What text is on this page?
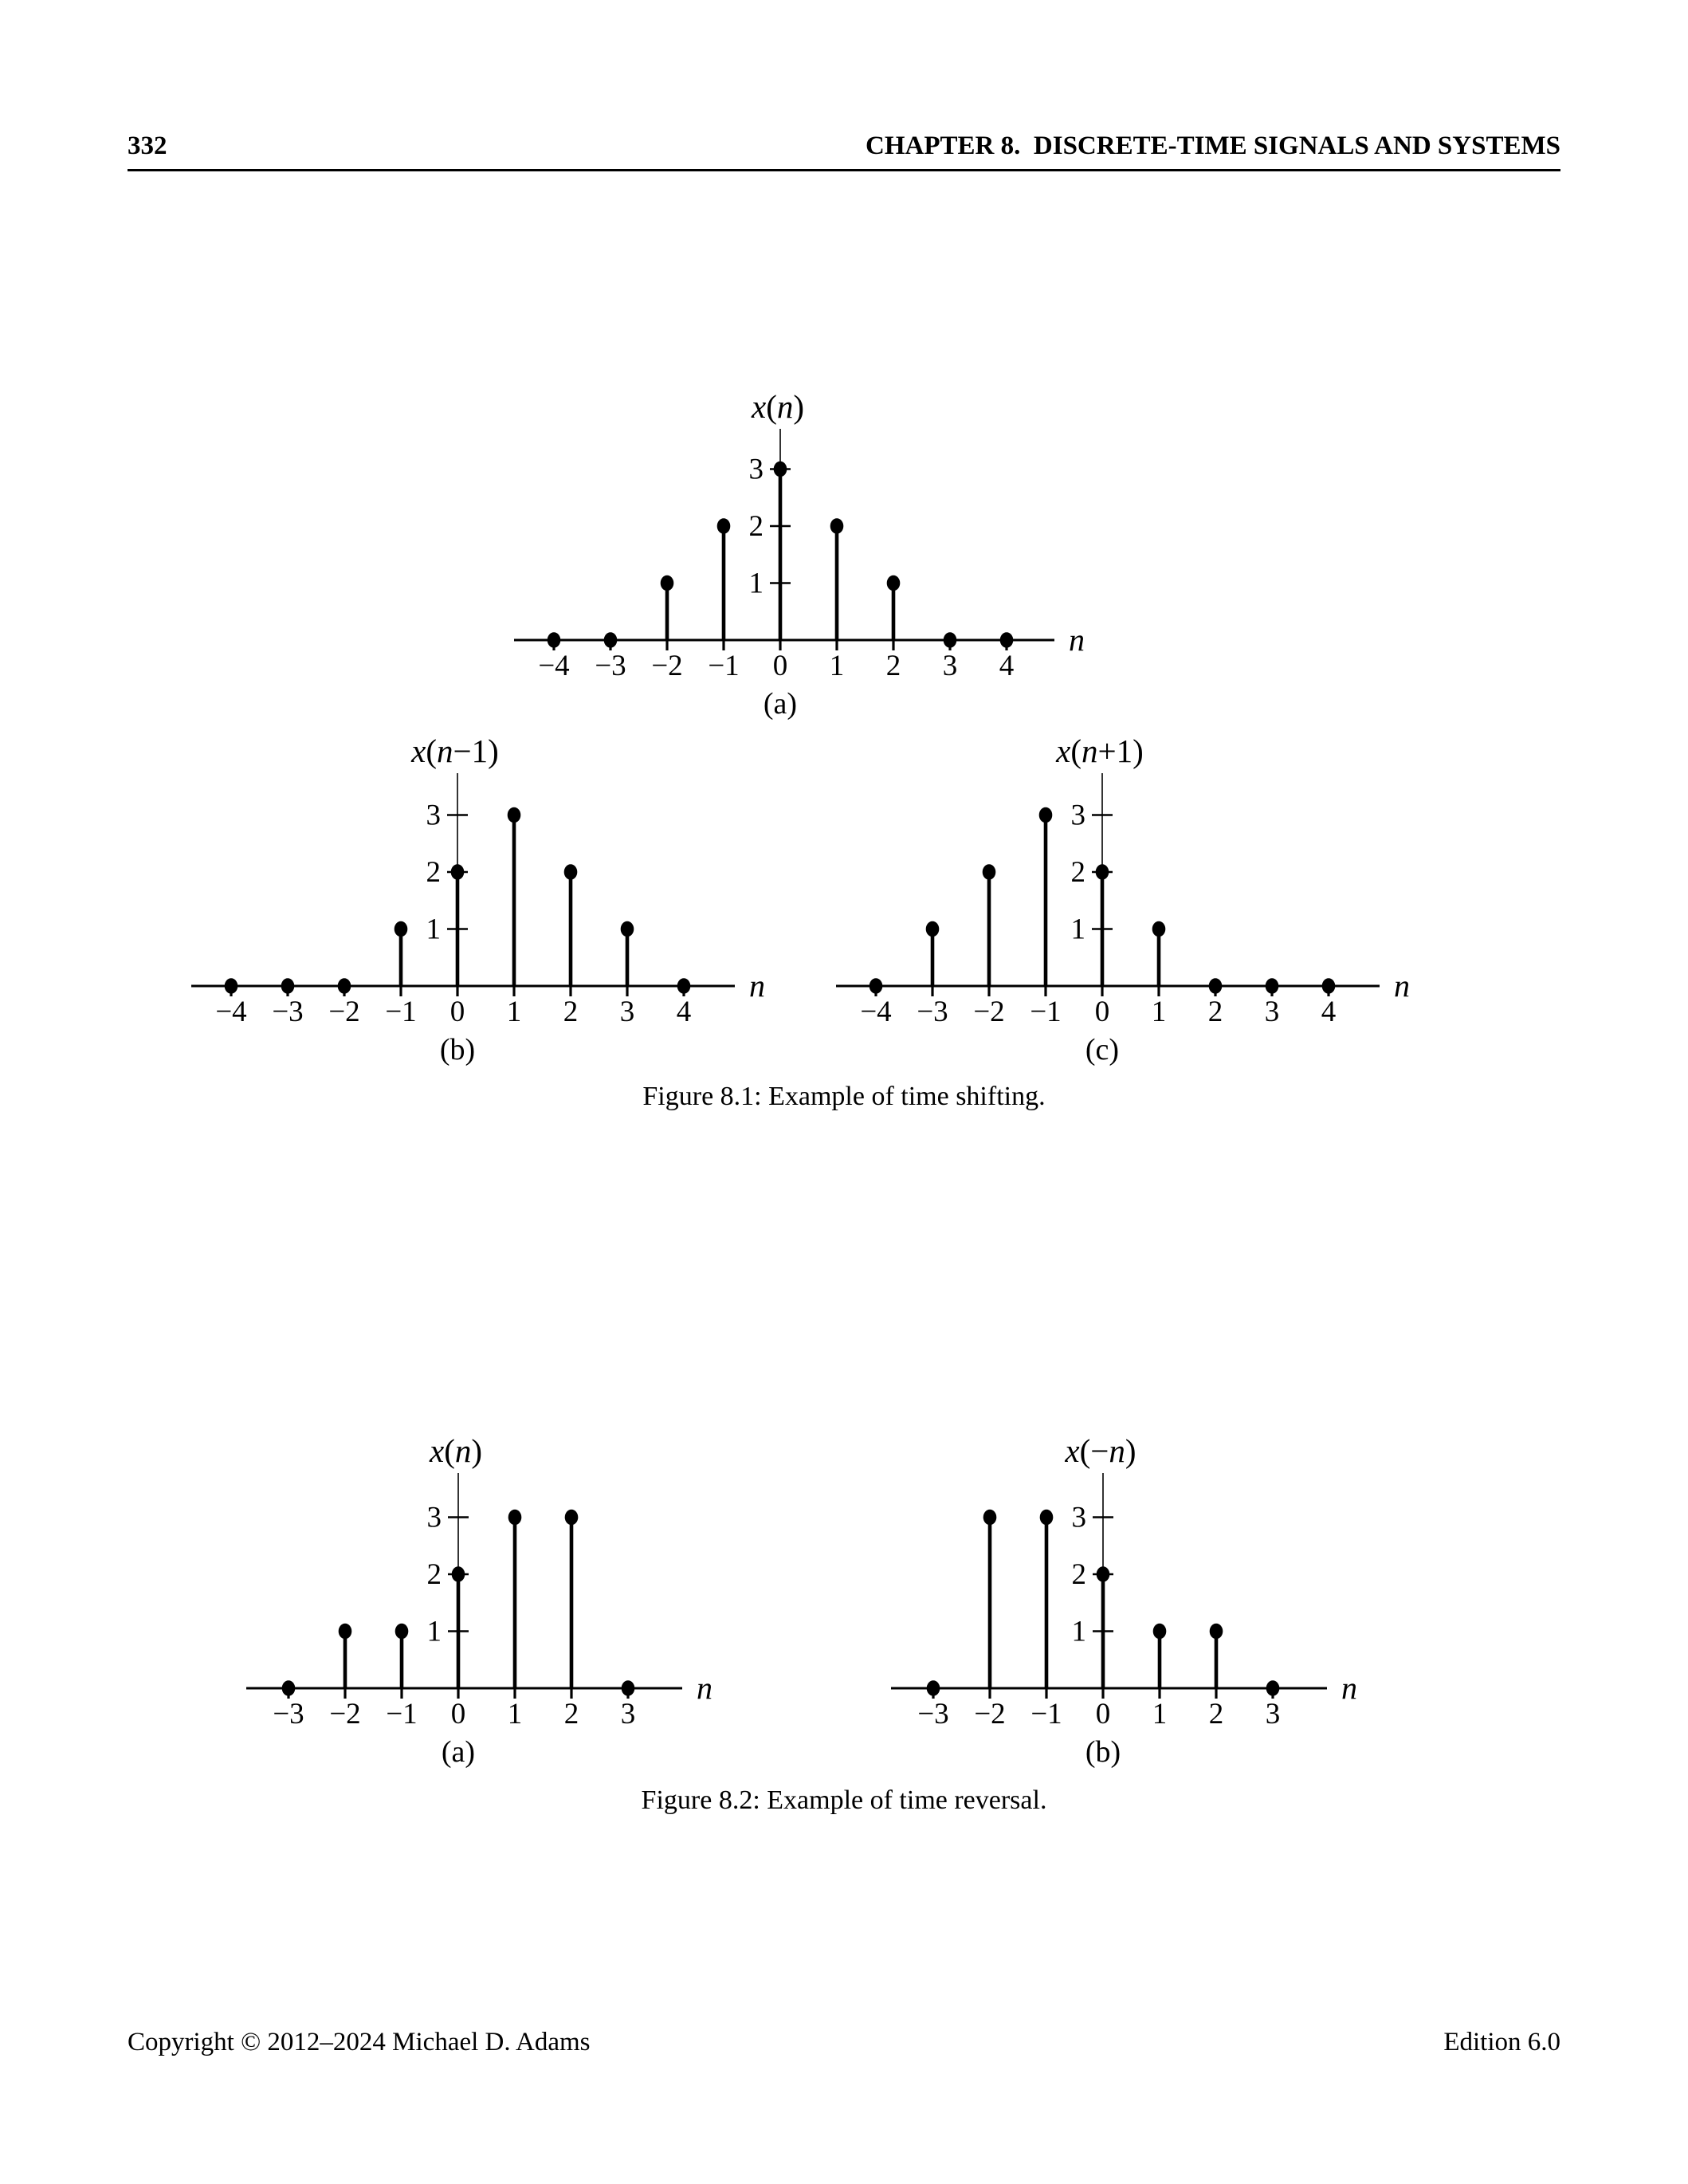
332	CHAPTER 8. DISCRETE-TIME SIGNALS AND SYSTEMS
1
2
3
−4 −3 −2 −1 0 1 2 3 4
n
x(n)
(a)
1
2
3
−4 −3 −2 −1 0 1 2 3 4
n
x(n−1)
(b)
1
2
3
−4 −3 −2 −1 0 1 2 3 4
n
x(n+1)
(c)
1
2
3
−3 −2 −1 0 1 2 3
n
x(n)
(a)
1
2
3
−3 −2 −1 0 1 2 3
n
x(−n)
(b)
Figure 8.1: Example of time shifting.
Figure 8.2: Example of time reversal.
Copyright © 2012–2024 Michael D. Adams	Edition 6.0
